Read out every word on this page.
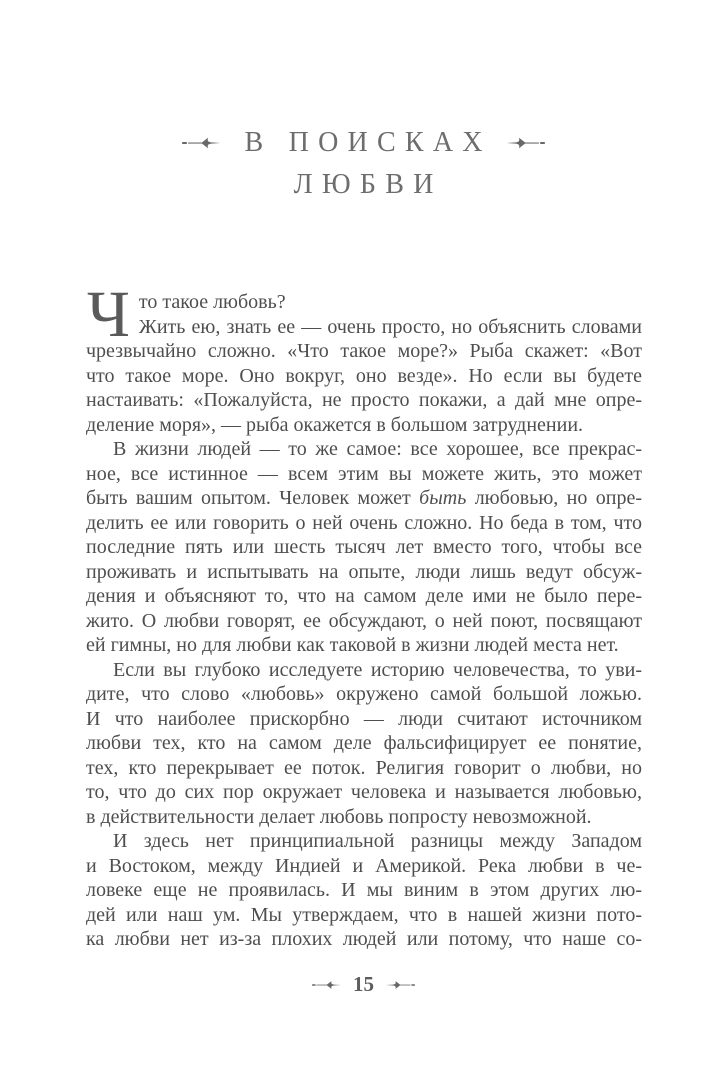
В ПОИСКАХ
ЛЮБВИ
Ч то такое любовь?
Жить ею, знать ее — очень просто, но объяснить словами
чрезвычайно сложно. «Что такое море?» Рыба скажет: «Вот
что такое море. Оно вокруг, оно везде». Но если вы будете
настаивать: «Пожалуйста, не просто покажи, а дай мне опре-
деление моря», — рыба окажется в большом затруднении.
В жизни людей — то же самое: все хорошее, все прекрас-
ное, все истинное — всем этим вы можете жить, это может
быть вашим опытом. Человек может быть любовью, но опре-
делить ее или говорить о ней очень сложно. Но беда в том, что
последние пять или шесть тысяч лет вместо того, чтобы все
проживать и испытывать на опыте, люди лишь ведут обсуж-
дения и объясняют то, что на самом деле ими не было пере-
жито. О любви говорят, ее обсуждают, о ней поют, посвящают
ей гимны, но для любви как таковой в жизни людей места нет.
Если вы глубоко исследуете историю человечества, то уви-
дите, что слово «любовь» окружено самой большой ложью.
И что наиболее прискорбно — люди считают источником
любви тех, кто на самом деле фальсифицирует ее понятие,
тех, кто перекрывает ее поток. Религия говорит о любви, но
то, что до сих пор окружает человека и называется любовью,
в действительности делает любовь попросту невозможной.
И здесь нет принципиальной разницы между Западом
и Востоком, между Индией и Америкой. Река любви в че-
ловеке еще не проявилась. И мы виним в этом других лю-
дей или наш ум. Мы утверждаем, что в нашей жизни пото-
ка любви нет из-за плохих людей или потому, что наше со-
15
